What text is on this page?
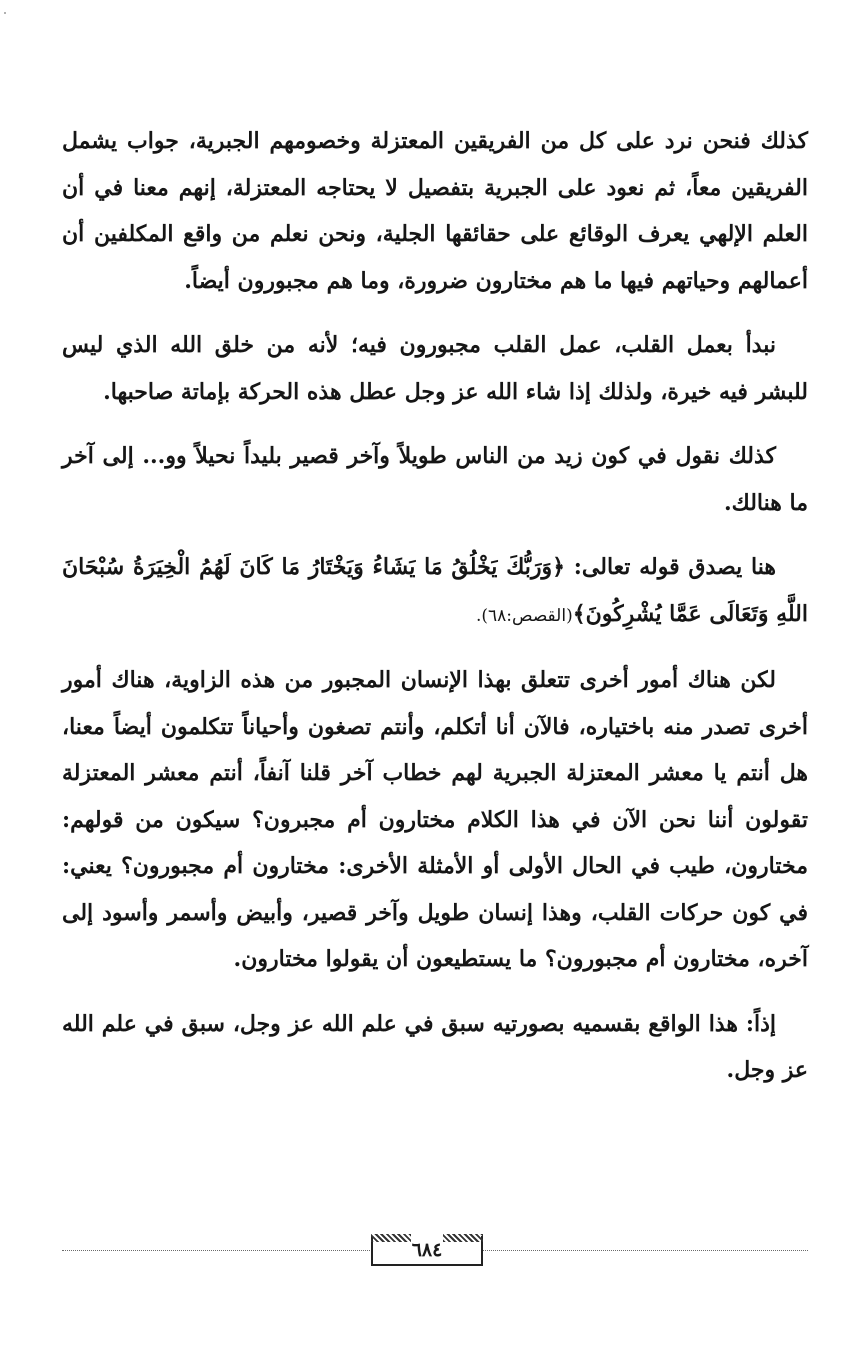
كذلك فنحن نرد على كل من الفريقين المعتزلة وخصومهم الجبرية، جواب يشمل الفريقين معاً، ثم نعود على الجبرية بتفصيل لا يحتاجه المعتزلة، إنهم معنا في أن العلم الإلهي يعرف الوقائع على حقائقها الجلية، ونحن نعلم من واقع المكلفين أن أعمالهم وحياتهم فيها ما هم مختارون ضرورة، وما هم مجبورون أيضاً.

نبدأ بعمل القلب، عمل القلب مجبورون فيه؛ لأنه من خلق الله الذي ليس للبشر فيه خيرة، ولذلك إذا شاء الله عز وجل عطل هذه الحركة بإماتة صاحبها.

كذلك نقول في كون زيد من الناس طويلاً وآخر قصير بليداً نحيلاً وو... إلى آخر ما هنالك.

هنا يصدق قوله تعالى: ﴿وَرَبُّكَ يَخْلُقُ مَا يَشَاءُ وَيَخْتَارُ مَا كَانَ لَهُمُ الْخِيَرَةُ سُبْحَانَ اللَّهِ وَتَعَالَى عَمَّا يُشْرِكُونَ﴾(القصص:٦٨).

لكن هناك أمور أخرى تتعلق بهذا الإنسان المجبور من هذه الزاوية، هناك أمور أخرى تصدر منه باختياره، فالآن أنا أتكلم، وأنتم تصغون وأحياناً تتكلمون أيضاً معنا، هل أنتم يا معشر المعتزلة الجبرية لهم خطاب آخر قلنا آنفاً، أنتم معشر المعتزلة تقولون أننا نحن الآن في هذا الكلام مختارون أم مجبرون؟ سيكون من قولهم: مختارون، طيب في الحال الأولى أو الأمثلة الأخرى: مختارون أم مجبورون؟ يعني: في كون حركات القلب، وهذا إنسان طويل وآخر قصير، وأبيض وأسمر وأسود إلى آخره، مختارون أم مجبورون؟ ما يستطيعون أن يقولوا مختارون.

إذاً: هذا الواقع بقسميه بصورتيه سبق في علم الله عز وجل، سبق في علم الله عز وجل.

٦٨٤
